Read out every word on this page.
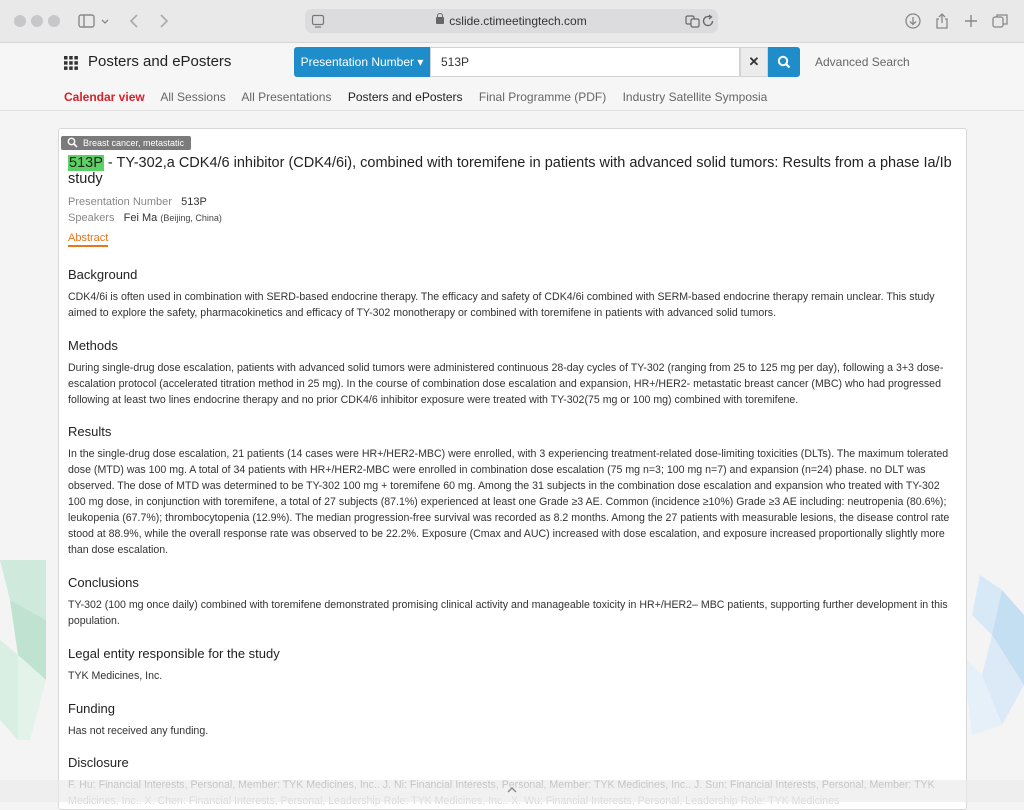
cslide.ctimeetingtech.com
Posters and ePosters	Presentation Number ▾	513P	✕	Advanced Search
Calendar view All Sessions All Presentations Posters and ePosters Final Programme (PDF) Industry Satellite Symposia
Breast cancer, metastatic
513P - TY-302,a CDK4/6 inhibitor (CDK4/6i), combined with toremifene in patients with advanced solid tumors: Results from a phase Ia/Ib study
Presentation Number 513P
Speakers Fei Ma (Beijing, China)
Abstract
Background
CDK4/6i is often used in combination with SERD-based endocrine therapy. The efficacy and safety of CDK4/6i combined with SERM-based endocrine therapy remain unclear. This study aimed to explore the safety, pharmacokinetics and efficacy of TY-302 monotherapy or combined with toremifene in patients with advanced solid tumors.
Methods
During single-drug dose escalation, patients with advanced solid tumors were administered continuous 28-day cycles of TY-302 (ranging from 25 to 125 mg per day), following a 3+3 dose-escalation protocol (accelerated titration method in 25 mg). In the course of combination dose escalation and expansion, HR+/HER2- metastatic breast cancer (MBC) who had progressed following at least two lines endocrine therapy and no prior CDK4/6 inhibitor exposure were treated with TY-302(75 mg or 100 mg) combined with toremifene.
Results
In the single-drug dose escalation, 21 patients (14 cases were HR+/HER2-MBC) were enrolled, with 3 experiencing treatment-related dose-limiting toxicities (DLTs). The maximum tolerated dose (MTD) was 100 mg. A total of 34 patients with HR+/HER2-MBC were enrolled in combination dose escalation (75 mg n=3; 100 mg n=7) and expansion (n=24) phase. no DLT was observed. The dose of MTD was determined to be TY-302 100 mg + toremifene 60 mg. Among the 31 subjects in the combination dose escalation and expansion who treated with TY-302 100 mg dose, in conjunction with toremifene, a total of 27 subjects (87.1%) experienced at least one Grade ≥3 AE. Common (incidence ≥10%) Grade ≥3 AE including: neutropenia (80.6%); leukopenia (67.7%); thrombocytopenia (12.9%). The median progression-free survival was recorded as 8.2 months. Among the 27 patients with measurable lesions, the disease control rate stood at 88.9%, while the overall response rate was observed to be 22.2%. Exposure (Cmax and AUC) increased with dose escalation, and exposure increased proportionally slightly more than dose escalation.
Conclusions
TY-302 (100 mg once daily) combined with toremifene demonstrated promising clinical activity and manageable toxicity in HR+/HER2– MBC patients, supporting further development in this population.
Legal entity responsible for the study
TYK Medicines, Inc.
Funding
Has not received any funding.
Disclosure
